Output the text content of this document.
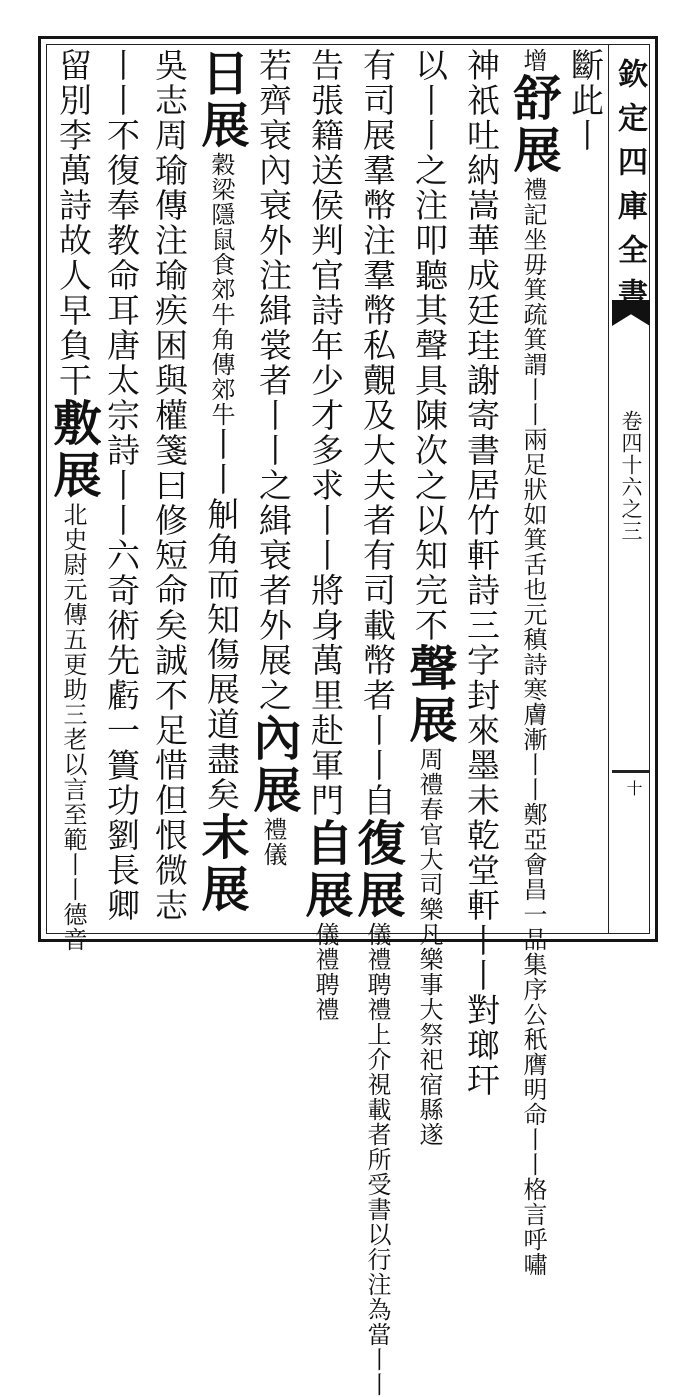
欽定四庫全書
卷四十六之三
十
斷此丨
增舒展禮記坐毋箕疏箕謂丨丨兩足狀如箕舌也元稹詩寒膚漸丨丨鄭亞會昌一品集序公秖膺明命丨丨格言呼嘯
神祇吐納嵩華成廷珪謝寄書居竹軒詩三字封來墨未乾堂軒丨丨對瑯玕
以丨丨之注叩聽其聲具陳次之以知完不聲展周禮春官大司樂凡樂事大祭祀宿縣遂
有司展羣幣注羣幣私覿及大夫者有司載幣者丨丨自復展儀禮聘禮上介視載者所受書以行注為當丨丨
告張籍送侯判官詩年少才多求丨丨將身萬里赴軍門自展儀禮聘禮
若齊衰內衰外注緝裳者丨丨之緝衰者外展之內展禮儀
日展穀梁隱鼠食郊牛角傳郊牛丨丨觓角而知傷展道盡矣末展
吳志周瑜傳注瑜疾困與權箋曰修短命矣誠不足惜但恨微志
丨丨不復奉教命耳唐太宗詩丨丨六奇術先虧一簣功劉長卿
留別李萬詩故人早負干敷展北史尉元傳五更助三老以言至範丨丨德音
